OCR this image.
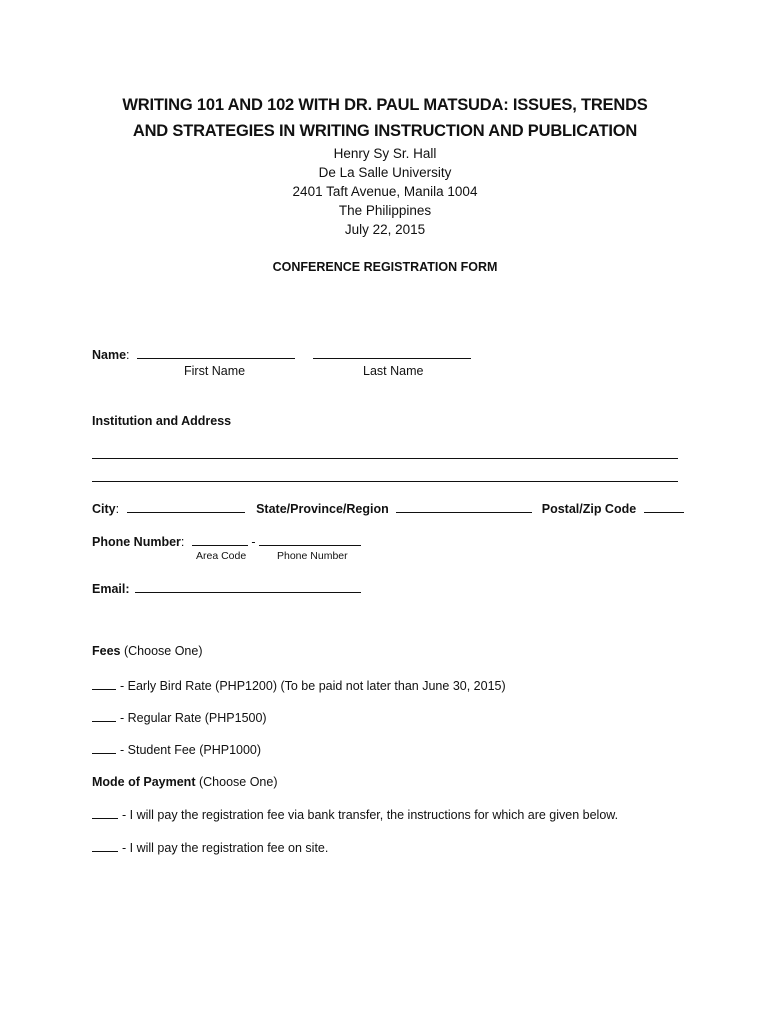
WRITING 101 AND 102 WITH DR. PAUL MATSUDA: ISSUES, TRENDS
AND STRATEGIES IN WRITING INSTRUCTION AND PUBLICATION
Henry Sy Sr. Hall
De La Salle University
2401 Taft Avenue, Manila 1004
The Philippines
July 22, 2015
CONFERENCE REGISTRATION FORM
Name:
First Name	Last Name
Institution and Address
City:	State/Province/Region	Postal/Zip Code
Phone Number:	-
Area Code	Phone Number
Email:
Fees (Choose One)
- Early Bird Rate (PHP1200) (To be paid not later than June 30, 2015)
- Regular Rate (PHP1500)
- Student Fee (PHP1000)
Mode of Payment (Choose One)
- I will pay the registration fee via bank transfer, the instructions for which are given below.
- I will pay the registration fee on site.
